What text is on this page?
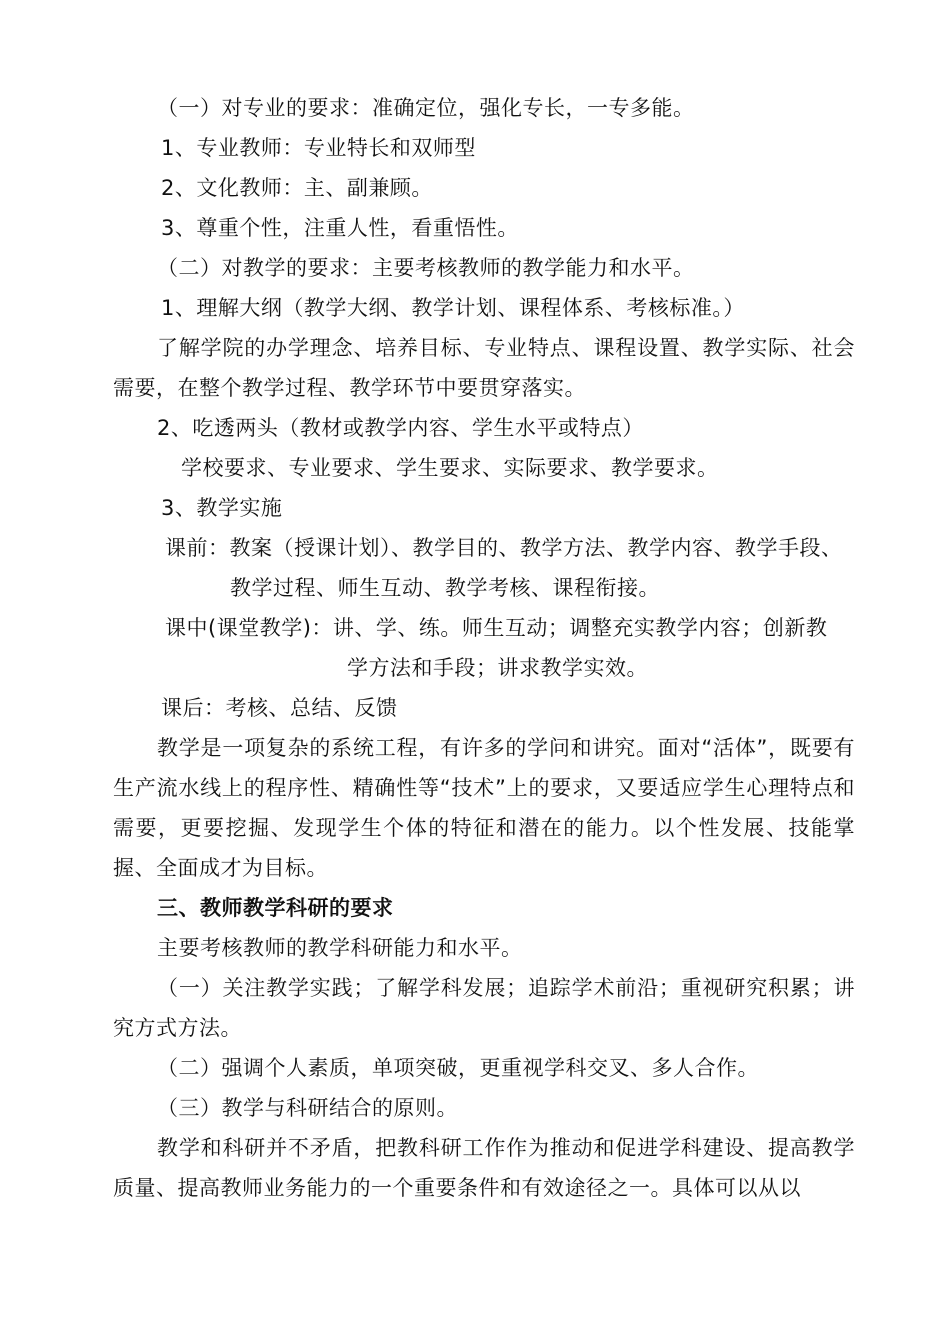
（一）对专业的要求：准确定位，强化专长，一专多能。
1、专业教师：专业特长和双师型
2、文化教师：主、副兼顾。
3、尊重个性，注重人性，看重悟性。
（二）对教学的要求：主要考核教师的教学能力和水平。
1、理解大纲（教学大纲、教学计划、课程体系、考核标准。）
了解学院的办学理念、培养目标、专业特点、课程设置、教学实际、社会需要，在整个教学过程、教学环节中要贯穿落实。
2、吃透两头（教材或教学内容、学生水平或特点）
学校要求、专业要求、学生要求、实际要求、教学要求。
3、教学实施
课前：教案（授课计划）、教学目的、教学方法、教学内容、教学手段、
教学过程、师生互动、教学考核、课程衔接。
课中(课堂教学)：讲、学、练。师生互动；调整充实教学内容；创新教
学方法和手段；讲求教学实效。
课后：考核、总结、反馈
教学是一项复杂的系统工程，有许多的学问和讲究。面对“活体”，既要有生产流水线上的程序性、精确性等“技术”上的要求，又要适应学生心理特点和需要，更要挖掘、发现学生个体的特征和潜在的能力。以个性发展、技能掌握、全面成才为目标。
三、教师教学科研的要求
主要考核教师的教学科研能力和水平。
（一）关注教学实践；了解学科发展；追踪学术前沿；重视研究积累；讲究方式方法。
（二）强调个人素质，单项突破，更重视学科交叉、多人合作。
（三）教学与科研结合的原则。
教学和科研并不矛盾，把教科研工作作为推动和促进学科建设、提高教学质量、提高教师业务能力的一个重要条件和有效途径之一。具体可以从以
